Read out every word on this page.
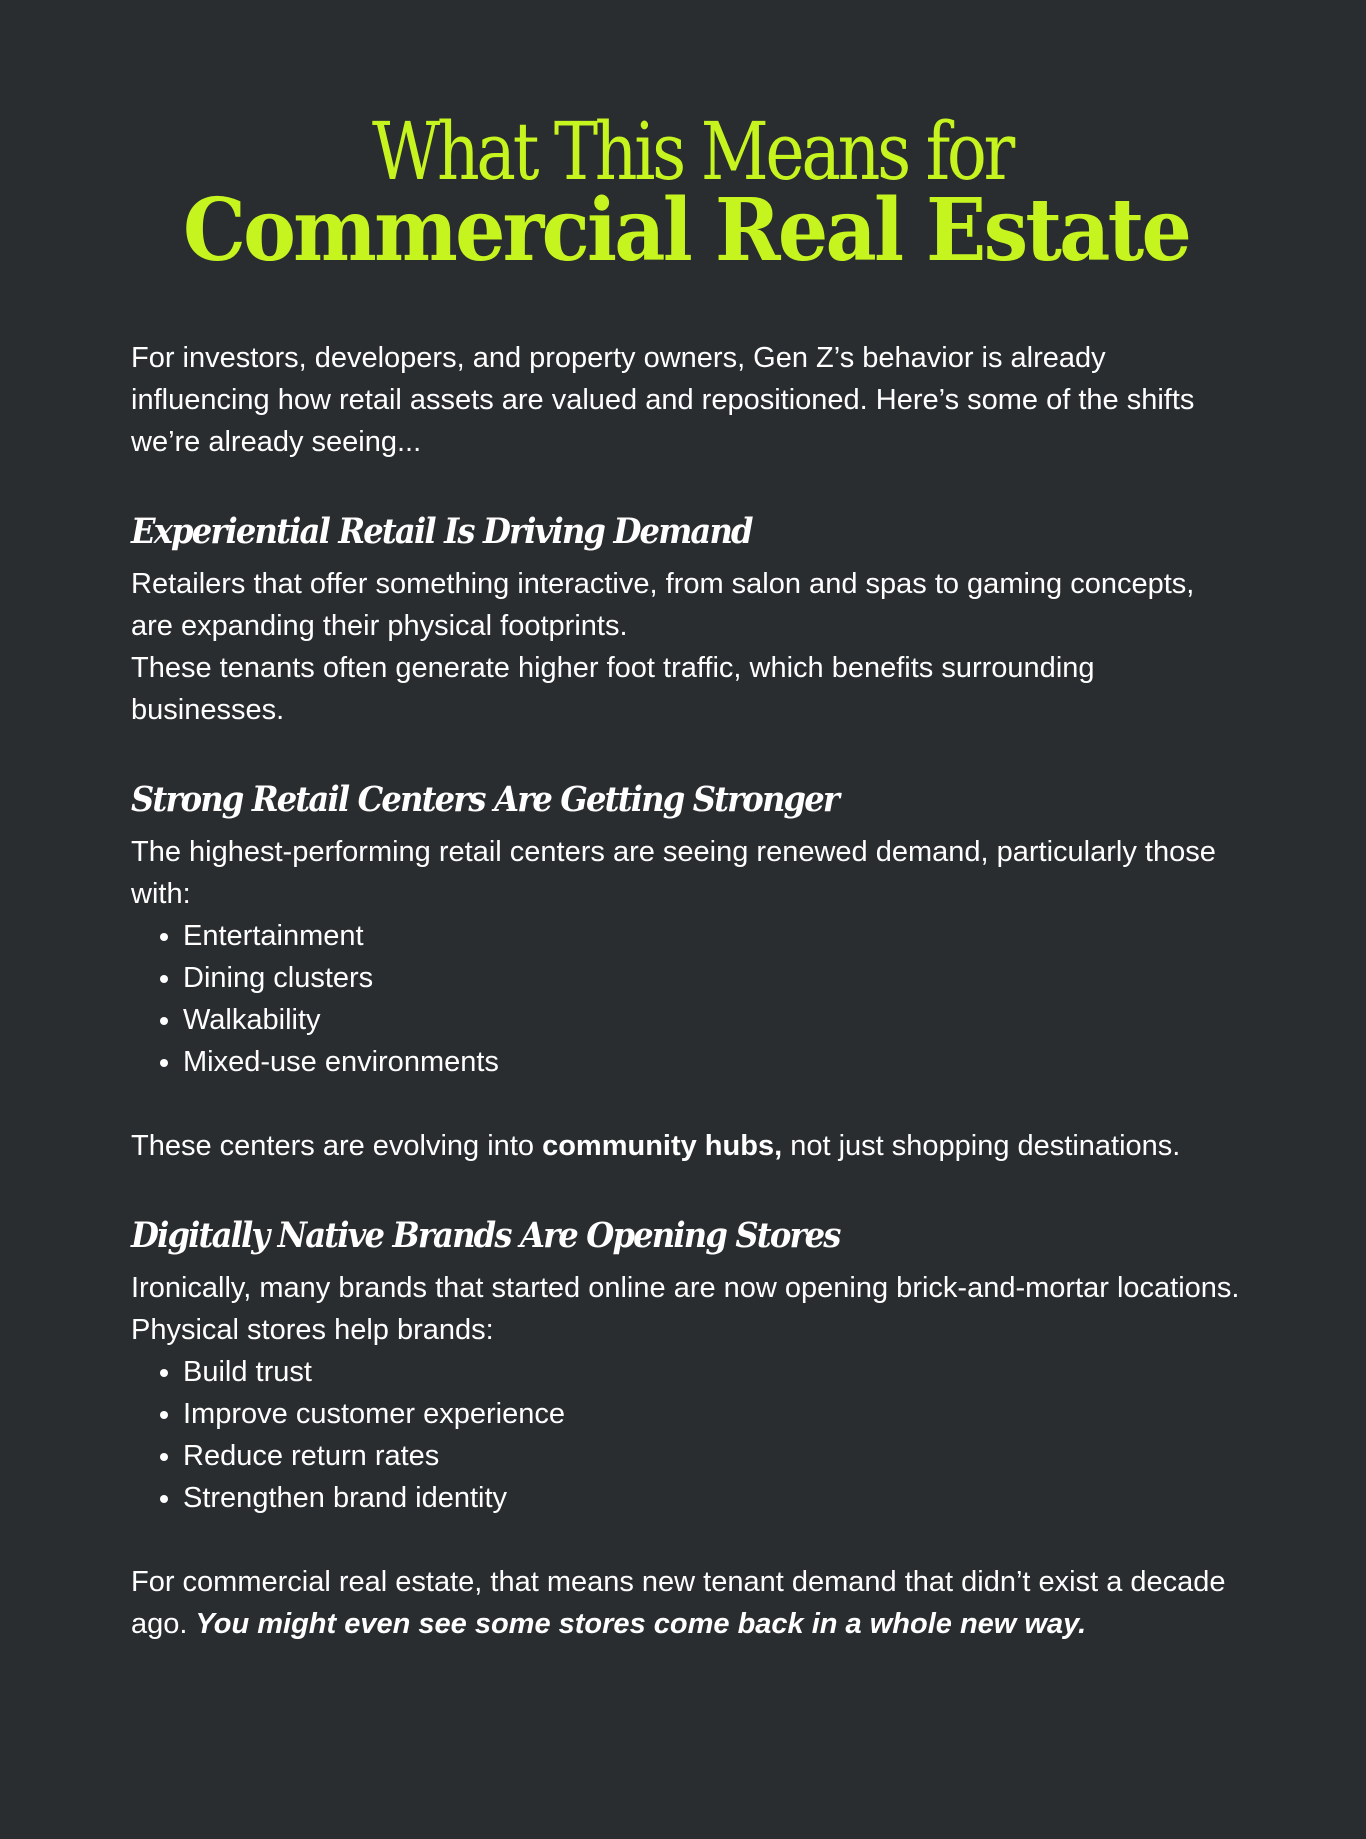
What This Means for
Commercial Real Estate

For investors, developers, and property owners, Gen Z’s behavior is already influencing how retail assets are valued and repositioned. Here’s some of the shifts we’re already seeing...

Experiential Retail Is Driving Demand

Retailers that offer something interactive, from salon and spas to gaming concepts, are expanding their physical footprints.

These tenants often generate higher foot traffic, which benefits surrounding businesses.

Strong Retail Centers Are Getting Stronger

The highest-performing retail centers are seeing renewed demand, particularly those with:

• Entertainment
• Dining clusters
• Walkability
• Mixed-use environments

These centers are evolving into community hubs, not just shopping destinations.

Digitally Native Brands Are Opening Stores

Ironically, many brands that started online are now opening brick-and-mortar locations.

Physical stores help brands:

• Build trust
• Improve customer experience
• Reduce return rates
• Strengthen brand identity

For commercial real estate, that means new tenant demand that didn’t exist a decade ago. You might even see some stores come back in a whole new way.
